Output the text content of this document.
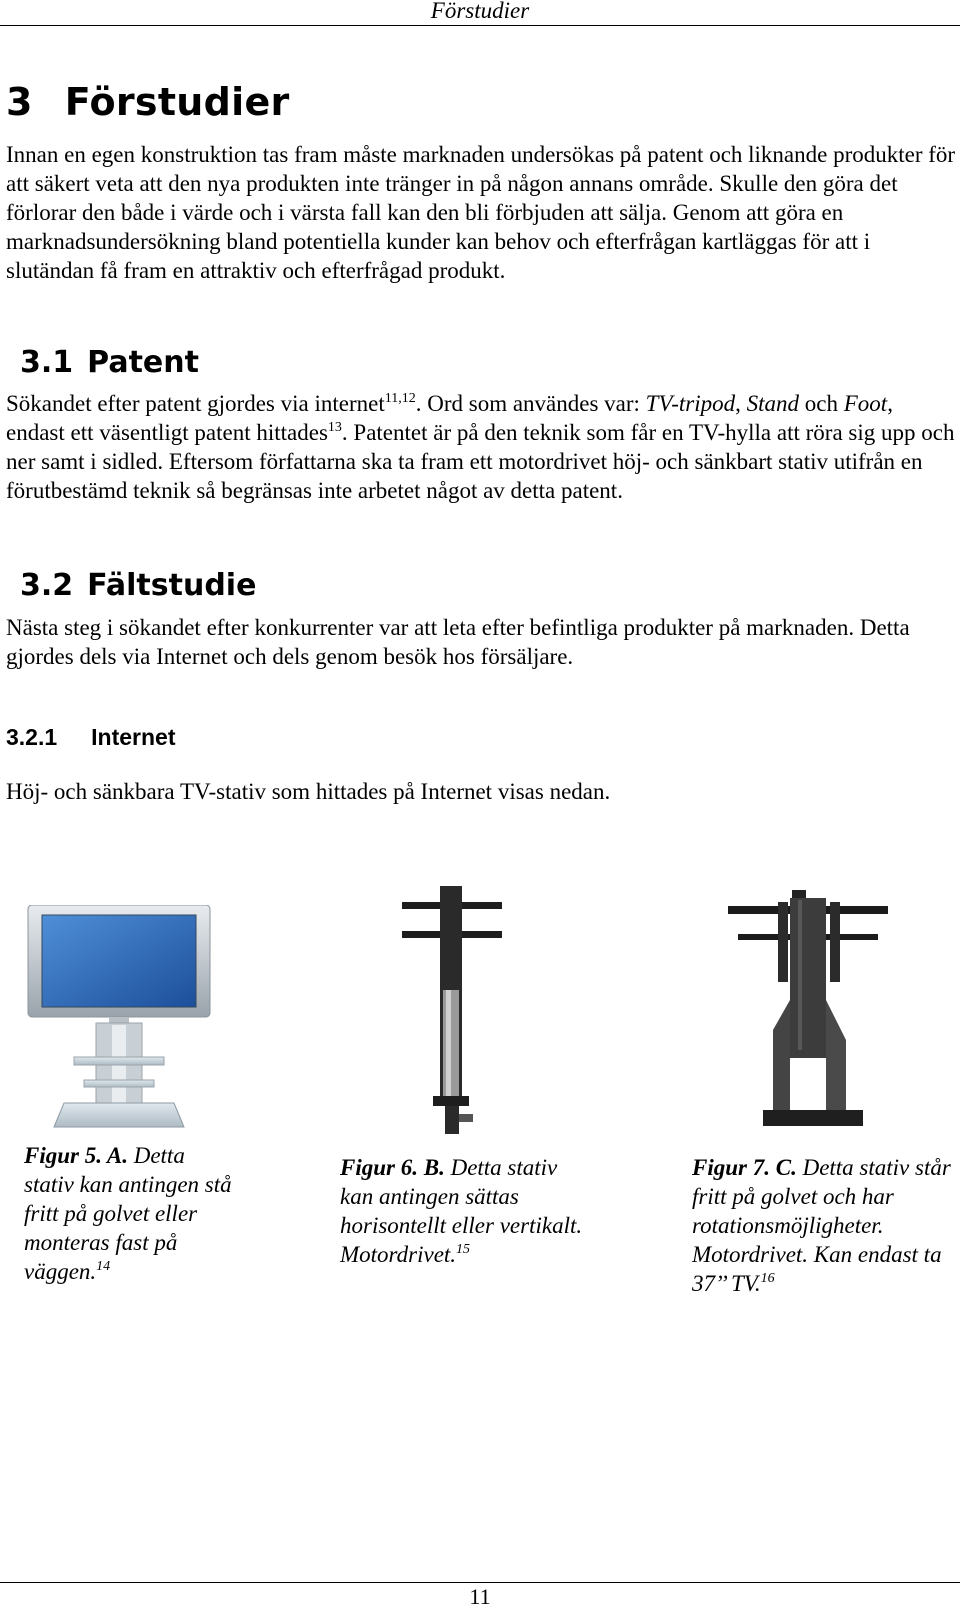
Förstudier
3 Förstudier

Innan en egen konstruktion tas fram måste marknaden undersökas på patent och liknande produkter för att säkert veta att den nya produkten inte tränger in på någon annans område. Skulle den göra det förlorar den både i värde och i värsta fall kan den bli förbjuden att sälja. Genom att göra en marknadsundersökning bland potentiella kunder kan behov och efterfrågan kartläggas för att i slutändan få fram en attraktiv och efterfrågad produkt.

3.1 Patent

Sökandet efter patent gjordes via internet$^{11,12}$. Ord som användes var: TV-tripod, Stand och Foot, endast ett väsentligt patent hittades$^{13}$. Patentet är på den teknik som får en TV-hylla att röra sig upp och ner samt i sidled. Eftersom författarna ska ta fram ett motordrivet höj- och sänkbart stativ utifrån en förutbestämd teknik så begränsas inte arbetet något av detta patent.

3.2 Fältstudie

Nästa steg i sökandet efter konkurrenter var att leta efter befintliga produkter på marknaden. Detta gjordes dels via Internet och dels genom besök hos försäljare.

3.2.1 Internet

Höj- och sänkbara TV-stativ som hittades på Internet visas nedan.

Figur 5. A. Detta stativ kan antingen stå fritt på golvet eller monteras fast på väggen.$^{14}$

Figur 6. B. Detta stativ kan antingen sättas horisontellt eller vertikalt. Motordrivet.$^{15}$

Figur 7. C. Detta stativ står fritt på golvet och har rotationsmöjligheter. Motordrivet. Kan endast ta 37’’ TV.$^{16}$

11
